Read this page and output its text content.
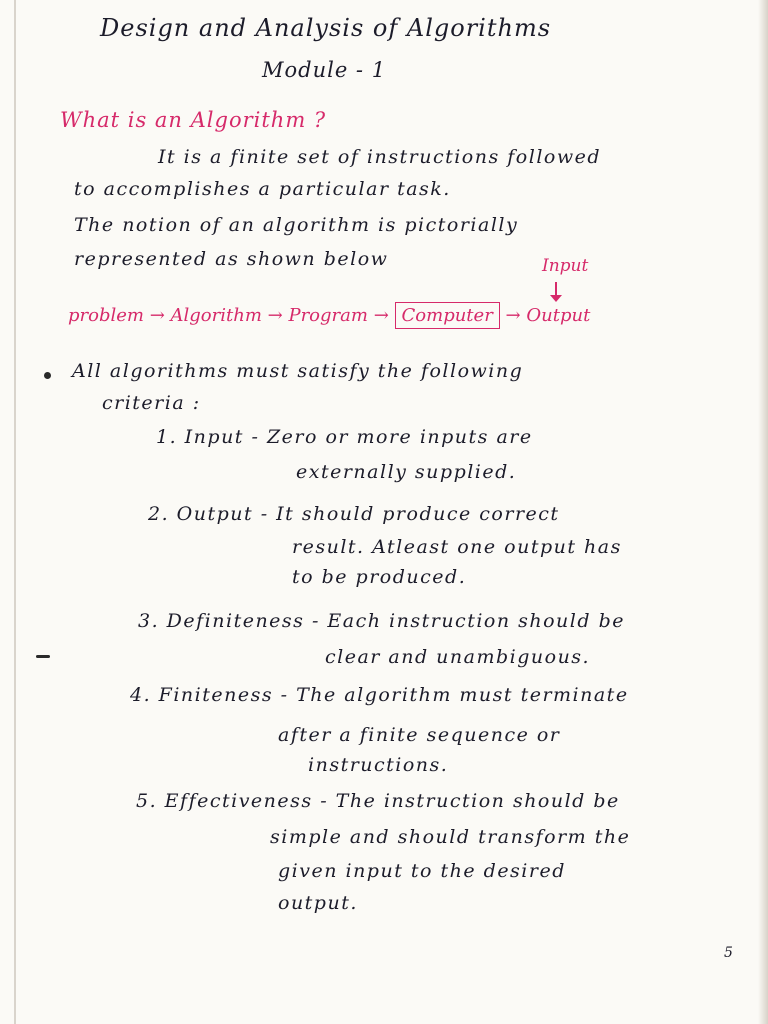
Design and Analysis of Algorithms
Module - 1
What is an Algorithm ?
It is a finite set of instructions followed
to accomplishes a particular task.
The notion of an algorithm is pictorially
represented as shown below	Input
problem → Algorithm → Program → Computer → Output
All algorithms must satisfy the following
criteria :
1. Input - Zero or more inputs are
externally supplied.
2. Output - It should produce correct
result. Atleast one output has
to be produced.
3. Definiteness - Each instruction should be
clear and unambiguous.
4. Finiteness - The algorithm must terminate
after a finite sequence or
instructions.
5. Effectiveness - The instruction should be
simple and should transform the
given input to the desired
output.
5
